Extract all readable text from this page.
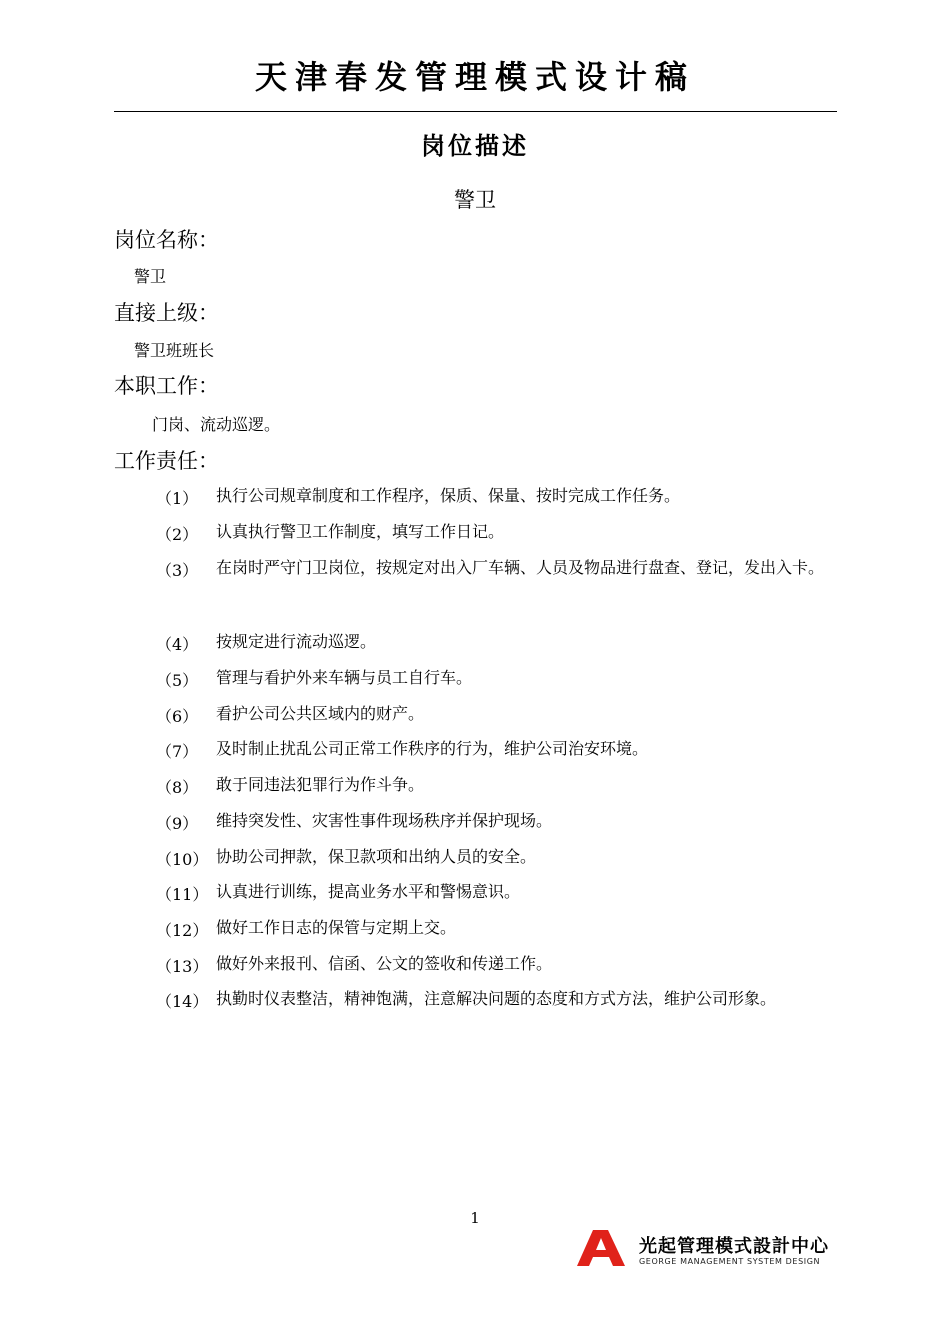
天津春发管理模式设计稿
岗位描述
警卫
岗位名称：
警卫
直接上级：
警卫班班长
本职工作：
门岗、流动巡逻。
工作责任：
（1） 执行公司规章制度和工作程序，保质、保量、按时完成工作任务。
（2） 认真执行警卫工作制度，填写工作日记。
（3） 在岗时严守门卫岗位，按规定对出入厂车辆、人员及物品进行盘查、登记，发出入卡。
（4） 按规定进行流动巡逻。
（5） 管理与看护外来车辆与员工自行车。
（6） 看护公司公共区域内的财产。
（7） 及时制止扰乱公司正常工作秩序的行为，维护公司治安环境。
（8） 敢于同违法犯罪行为作斗争。
（9） 维持突发性、灾害性事件现场秩序并保护现场。
（10） 协助公司押款，保卫款项和出纳人员的安全。
（11） 认真进行训练，提高业务水平和警惕意识。
（12） 做好工作日志的保管与定期上交。
（13） 做好外来报刊、信函、公文的签收和传递工作。
（14） 执勤时仪表整洁，精神饱满，注意解决问题的态度和方式方法，维护公司形象。
1
光起管理模式設計中心
GEORGE MANAGEMENT SYSTEM DESIGN
